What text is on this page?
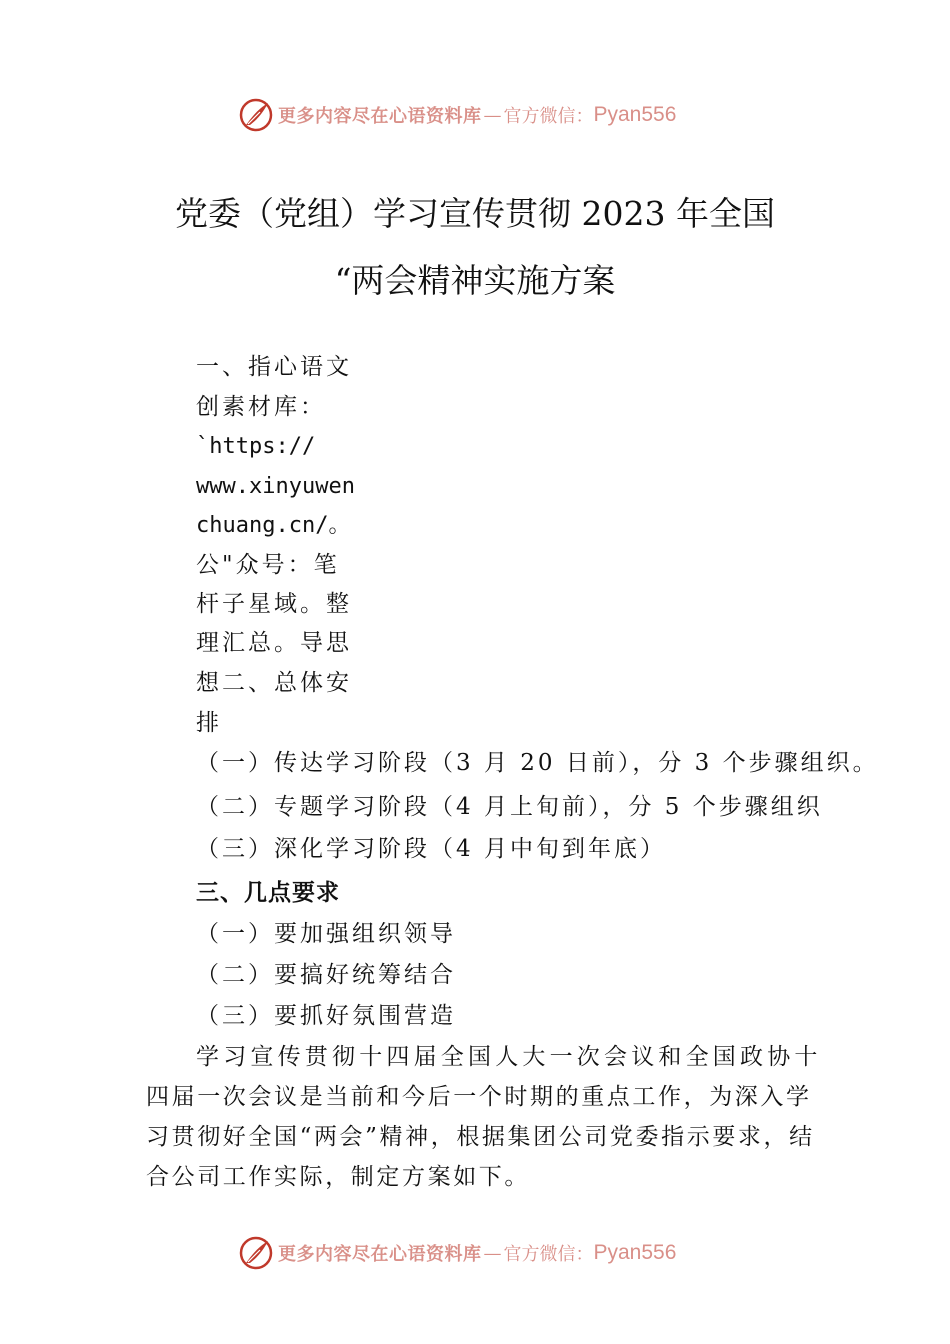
更多内容尽在心语资料库 — 官方微信： Pyan556
党委（党组）学习宣传贯彻 2023 年全国
“两会精神实施方案
一、指心语文
创素材库：
`https://
www.xinyuwen
chuang.cn/。
公"众号：笔
杆子星域。整
理汇总。导思
想二、总体安
排
（一）传达学习阶段（3 月 20 日前），分 3 个步骤组织。
（二）专题学习阶段（4 月上旬前），分 5 个步骤组织
（三）深化学习阶段（4 月中旬到年底）
三、几点要求
（一）要加强组织领导
（二）要搞好统筹结合
（三）要抓好氛围营造
学习宣传贯彻十四届全国人大一次会议和全国政协十
四届一次会议是当前和今后一个时期的重点工作，为深入学
习贯彻好全国“两会”精神，根据集团公司党委指示要求，结
合公司工作实际，制定方案如下。
更多内容尽在心语资料库 — 官方微信： Pyan556
